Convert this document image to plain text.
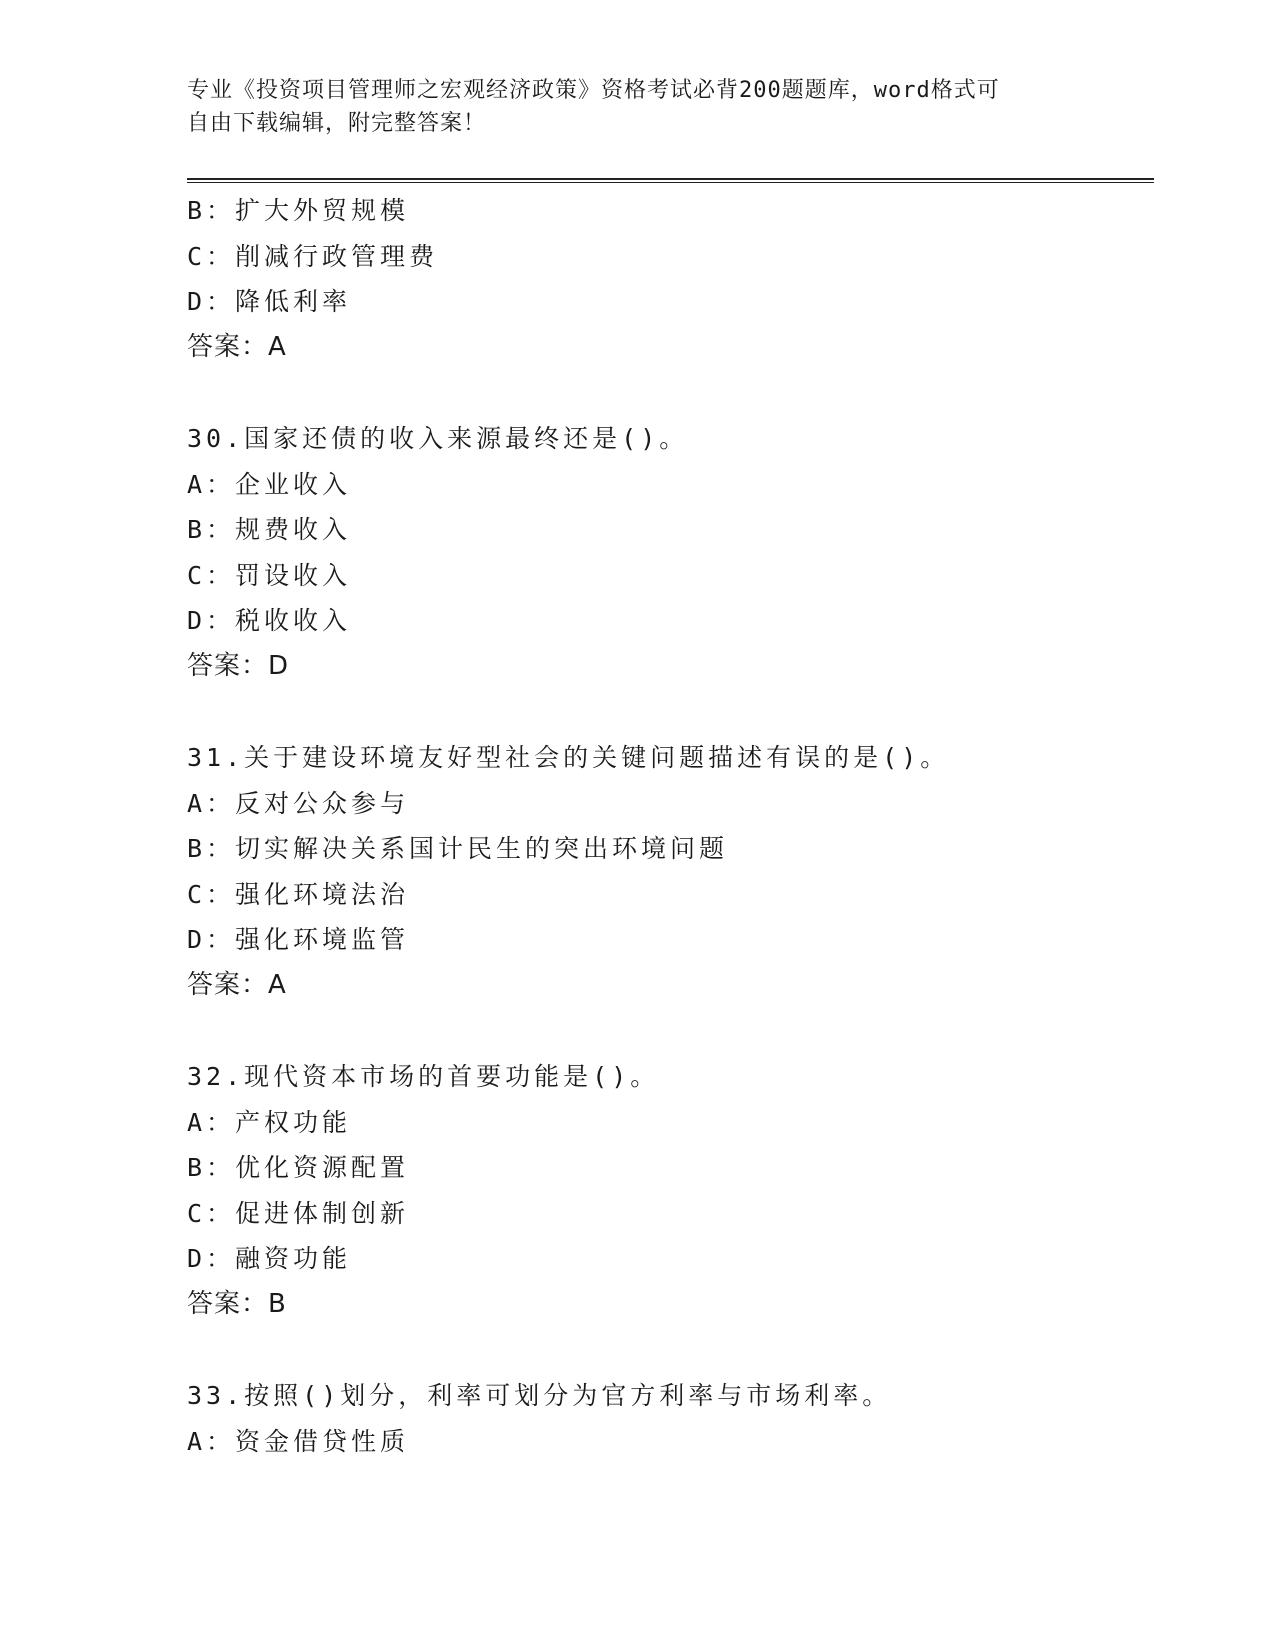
专业《投资项目管理师之宏观经济政策》资格考试必背200题题库，word格式可
自由下载编辑，附完整答案！
B：扩大外贸规模
C：削减行政管理费
D：降低利率
答案：A
30.国家还债的收入来源最终还是()。
A：企业收入
B：规费收入
C：罚设收入
D：税收收入
答案：D
31.关于建设环境友好型社会的关键问题描述有误的是()。
A：反对公众参与
B：切实解决关系国计民生的突出环境问题
C：强化环境法治
D：强化环境监管
答案：A
32.现代资本市场的首要功能是()。
A：产权功能
B：优化资源配置
C：促进体制创新
D：融资功能
答案：B
33.按照()划分，利率可划分为官方利率与市场利率。
A：资金借贷性质
